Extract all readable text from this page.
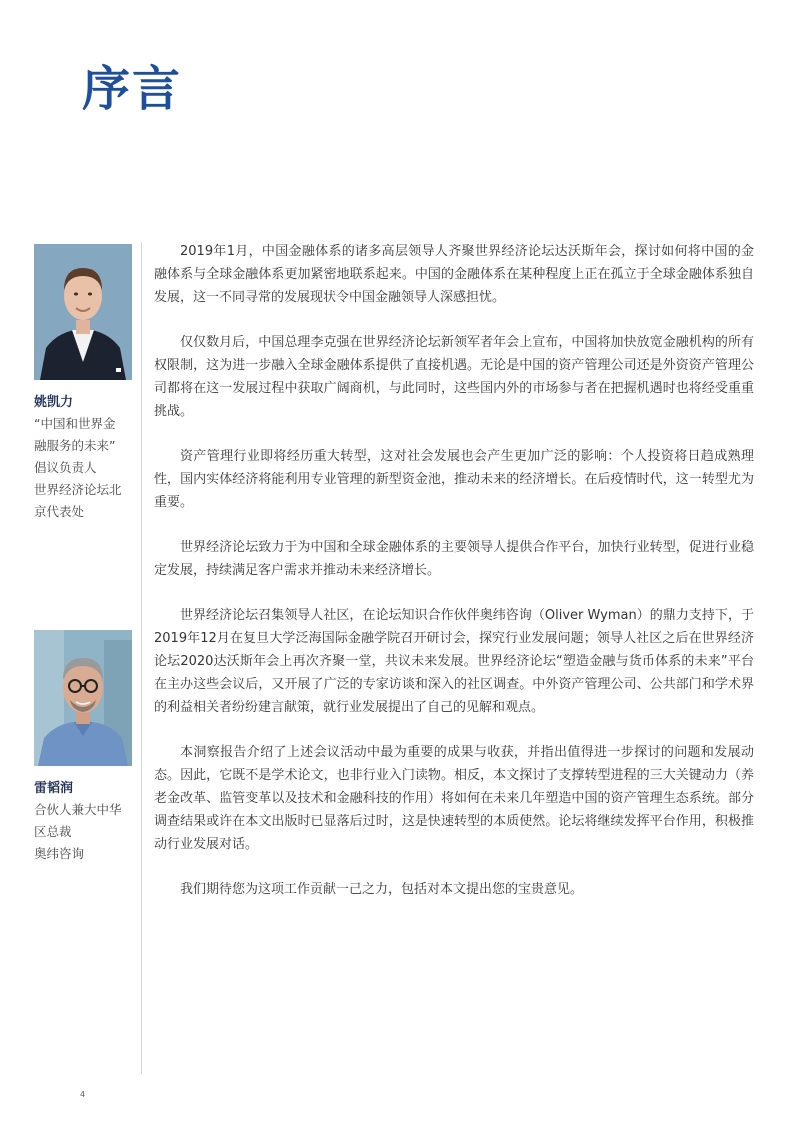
序言
姚凯力
“中国和世界金
融服务的未来”
倡议负责人
世界经济论坛北
京代表处
雷韬润
合伙人兼大中华
区总裁
奥纬咨询

2019年1月，中国金融体系的诸多高层领导人齐聚世界经济论坛达沃斯年会，探讨如何将中国的金融体系与全球金融体系更加紧密地联系起来。中国的金融体系在某种程度上正在孤立于全球金融体系独自发展，这一不同寻常的发展现状令中国金融领导人深感担忧。

仅仅数月后，中国总理李克强在世界经济论坛新领军者年会上宣布，中国将加快放宽金融机构的所有权限制，这为进一步融入全球金融体系提供了直接机遇。无论是中国的资产管理公司还是外资资产管理公司都将在这一发展过程中获取广阔商机，与此同时，这些国内外的市场参与者在把握机遇时也将经受重重挑战。

资产管理行业即将经历重大转型，这对社会发展也会产生更加广泛的影响：个人投资将日趋成熟理性，国内实体经济将能利用专业管理的新型资金池，推动未来的经济增长。在后疫情时代，这一转型尤为重要。

世界经济论坛致力于为中国和全球金融体系的主要领导人提供合作平台，加快行业转型，促进行业稳定发展，持续满足客户需求并推动未来经济增长。

世界经济论坛召集领导人社区，在论坛知识合作伙伴奥纬咨询（Oliver Wyman）的鼎力支持下，于2019年12月在复旦大学泛海国际金融学院召开研讨会，探究行业发展问题；领导人社区之后在世界经济论坛2020达沃斯年会上再次齐聚一堂，共议未来发展。世界经济论坛“塑造金融与货币体系的未来”平台在主办这些会议后，又开展了广泛的专家访谈和深入的社区调查。中外资产管理公司、公共部门和学术界的利益相关者纷纷建言献策，就行业发展提出了自己的见解和观点。

本洞察报告介绍了上述会议活动中最为重要的成果与收获，并指出值得进一步探讨的问题和发展动态。因此，它既不是学术论文，也非行业入门读物。相反，本文探讨了支撑转型进程的三大关键动力（养老金改革、监管变革以及技术和金融科技的作用）将如何在未来几年塑造中国的资产管理生态系统。部分调查结果或许在本文出版时已显落后过时，这是快速转型的本质使然。论坛将继续发挥平台作用，积极推动行业发展对话。

我们期待您为这项工作贡献一己之力，包括对本文提出您的宝贵意见。

4
